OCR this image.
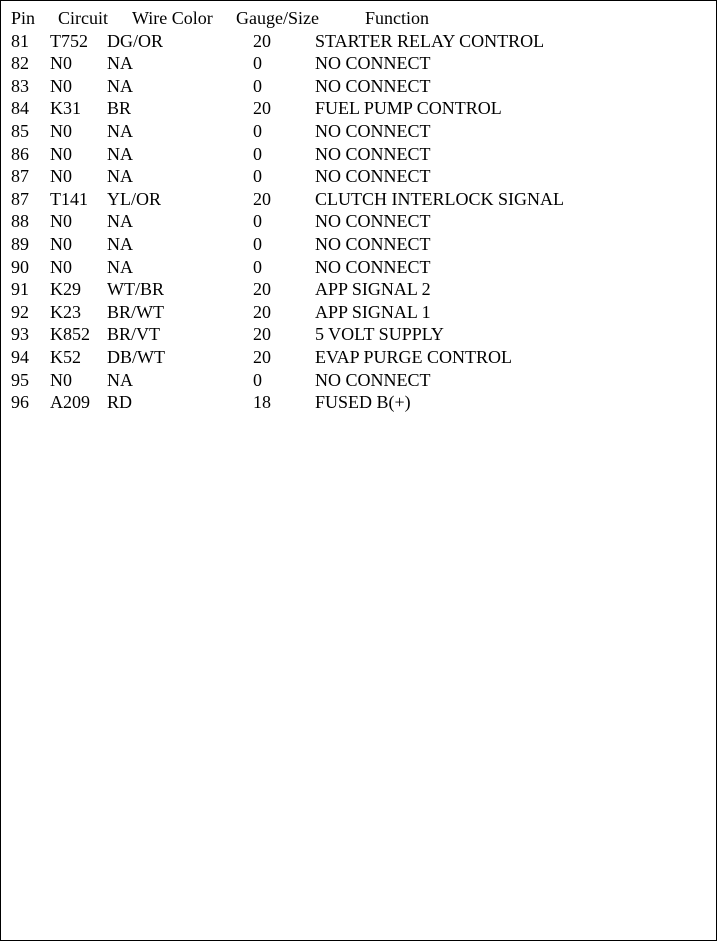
Pin Circuit Wire Color Gauge/Size	Function
81 T752 DG/OR	20 STARTER RELAY CONTROL
82 N0 NA	0	NO CONNECT
83 N0 NA	0	NO CONNECT
84 K31 BR	20 FUEL PUMP CONTROL
85 N0 NA	0	NO CONNECT
86 N0 NA	0	NO CONNECT
87 N0 NA	0	NO CONNECT
87 T141 YL/OR	20 CLUTCH INTERLOCK SIGNAL
88 N0 NA	0	NO CONNECT
89 N0 NA	0	NO CONNECT
90 N0 NA	0	NO CONNECT
91 K29 WT/BR	20 APP SIGNAL 2
92 K23 BR/WT	20 APP SIGNAL 1
93 K852 BR/VT	20 5 VOLT SUPPLY
94 K52 DB/WT	20 EVAP PURGE CONTROL
95 N0 NA	0	NO CONNECT
96 A209 RD	18 FUSED B(+)
